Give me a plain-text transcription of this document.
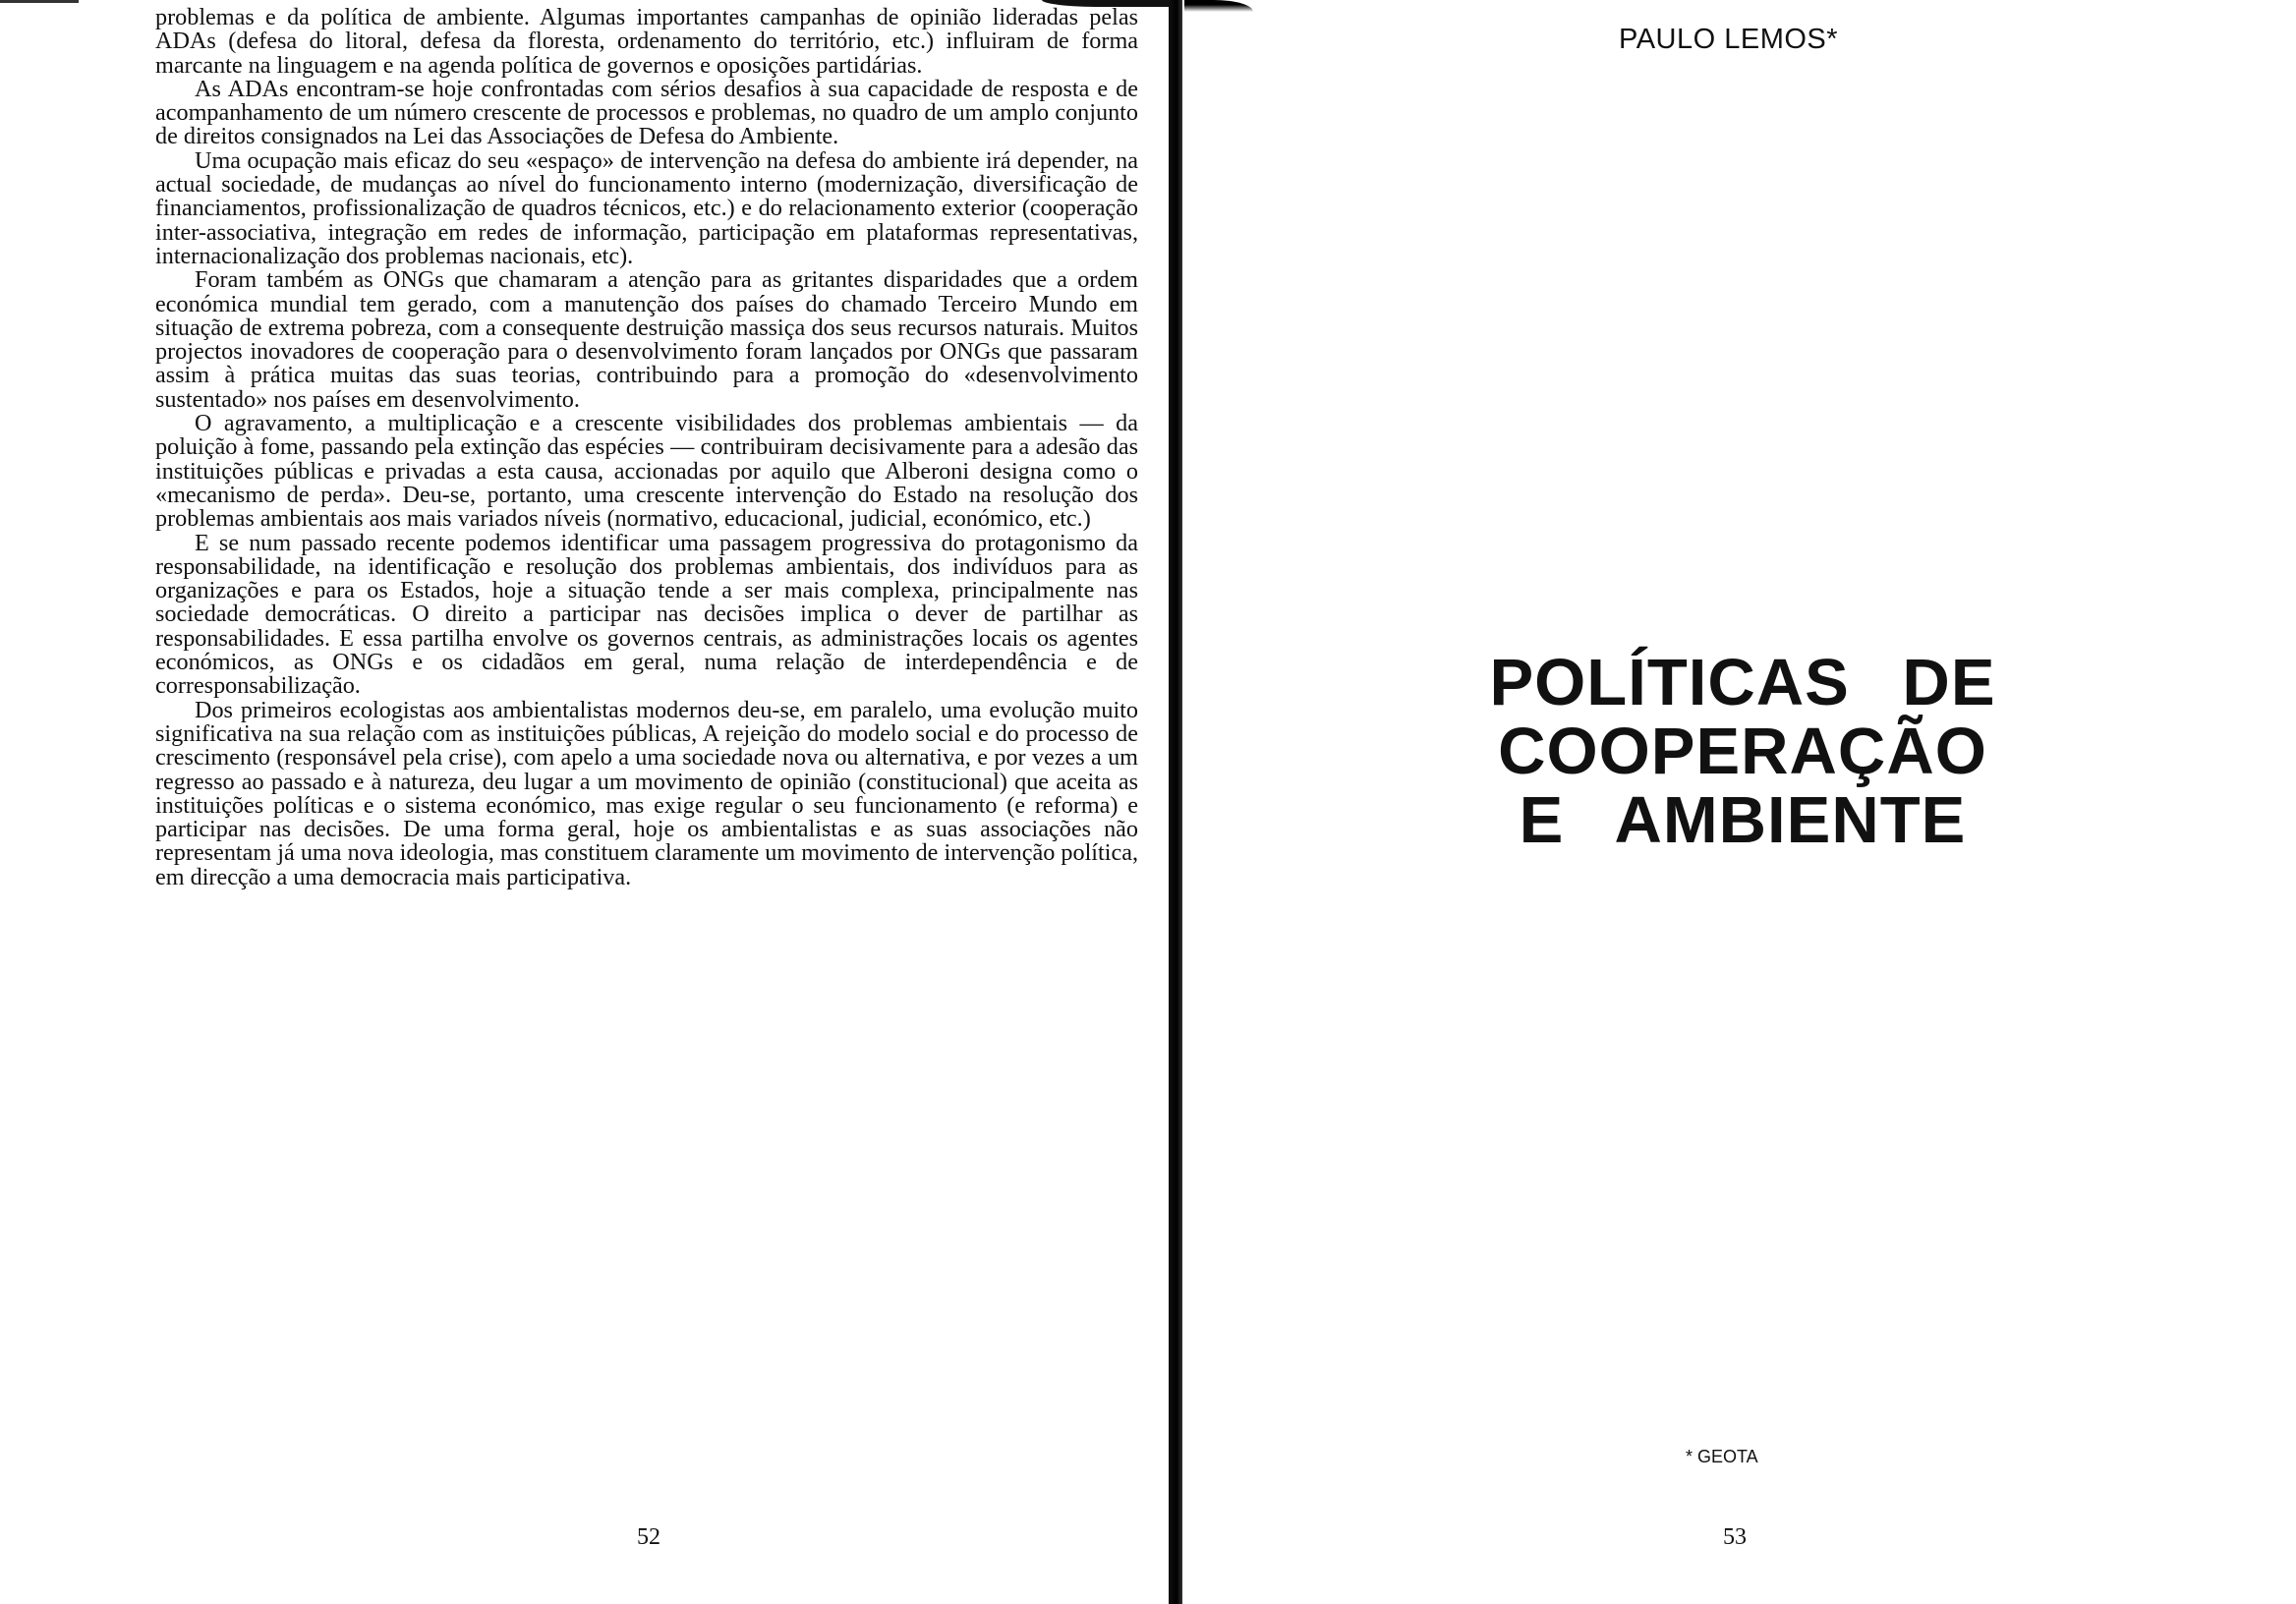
problemas e da política de ambiente. Algumas importantes campanhas de opinião lideradas pelas ADAs (defesa do litoral, defesa da floresta, ordenamento do território, etc.) influiram de forma marcante na linguagem e na agenda política de governos e oposições partidárias.

As ADAs encontram-se hoje confrontadas com sérios desafios à sua capacidade de resposta e de acompanhamento de um número crescente de processos e problemas, no quadro de um amplo conjunto de direitos consignados na Lei das Associações de Defesa do Ambiente.

Uma ocupação mais eficaz do seu «espaço» de intervenção na defesa do ambiente irá depender, na actual sociedade, de mudanças ao nível do funcionamento interno (modernização, diversificação de financiamentos, profissionalização de quadros técnicos, etc.) e do relacionamento exterior (cooperação inter-associativa, integração em redes de informação, participação em plataformas representativas, internacionalização dos problemas nacionais, etc).

Foram também as ONGs que chamaram a atenção para as gritantes disparidades que a ordem económica mundial tem gerado, com a manutenção dos países do chamado Terceiro Mundo em situação de extrema pobreza, com a consequente destruição massiça dos seus recursos naturais. Muitos projectos inovadores de cooperação para o desenvolvimento foram lançados por ONGs que passaram assim à prática muitas das suas teorias, contribuindo para a promoção do «desenvolvimento sustentado» nos países em desenvolvimento.

O agravamento, a multiplicação e a crescente visibilidades dos problemas ambientais — da poluição à fome, passando pela extinção das espécies — contribuiram decisivamente para a adesão das instituições públicas e privadas a esta causa, accionadas por aquilo que Alberoni designa como o «mecanismo de perda». Deu-se, portanto, uma crescente intervenção do Estado na resolução dos problemas ambientais aos mais variados níveis (normativo, educacional, judicial, económico, etc.)

E se num passado recente podemos identificar uma passagem progressiva do protagonismo da responsabilidade, na identificação e resolução dos problemas ambientais, dos indivíduos para as organizações e para os Estados, hoje a situação tende a ser mais complexa, principalmente nas sociedade democráticas. O direito a participar nas decisões implica o dever de partilhar as responsabilidades. E essa partilha envolve os governos centrais, as administrações locais os agentes económicos, as ONGs e os cidadãos em geral, numa relação de interdependência e de corresponsabilização.

Dos primeiros ecologistas aos ambientalistas modernos deu-se, em paralelo, uma evolução muito significativa na sua relação com as instituições públicas, A rejeição do modelo social e do processo de crescimento (responsável pela crise), com apelo a uma sociedade nova ou alternativa, e por vezes a um regresso ao passado e à natureza, deu lugar a um movimento de opinião (constitucional) que aceita as instituições políticas e o sistema económico, mas exige regular o seu funcionamento (e reforma) e participar nas decisões. De uma forma geral, hoje os ambientalistas e as suas associações não representam já uma nova ideologia, mas constituem claramente um movimento de intervenção política, em direcção a uma democracia mais participativa.

52
PAULO LEMOS*
POLÍTICAS DE COOPERAÇÃO
E AMBIENTE
* GEOTA
53
